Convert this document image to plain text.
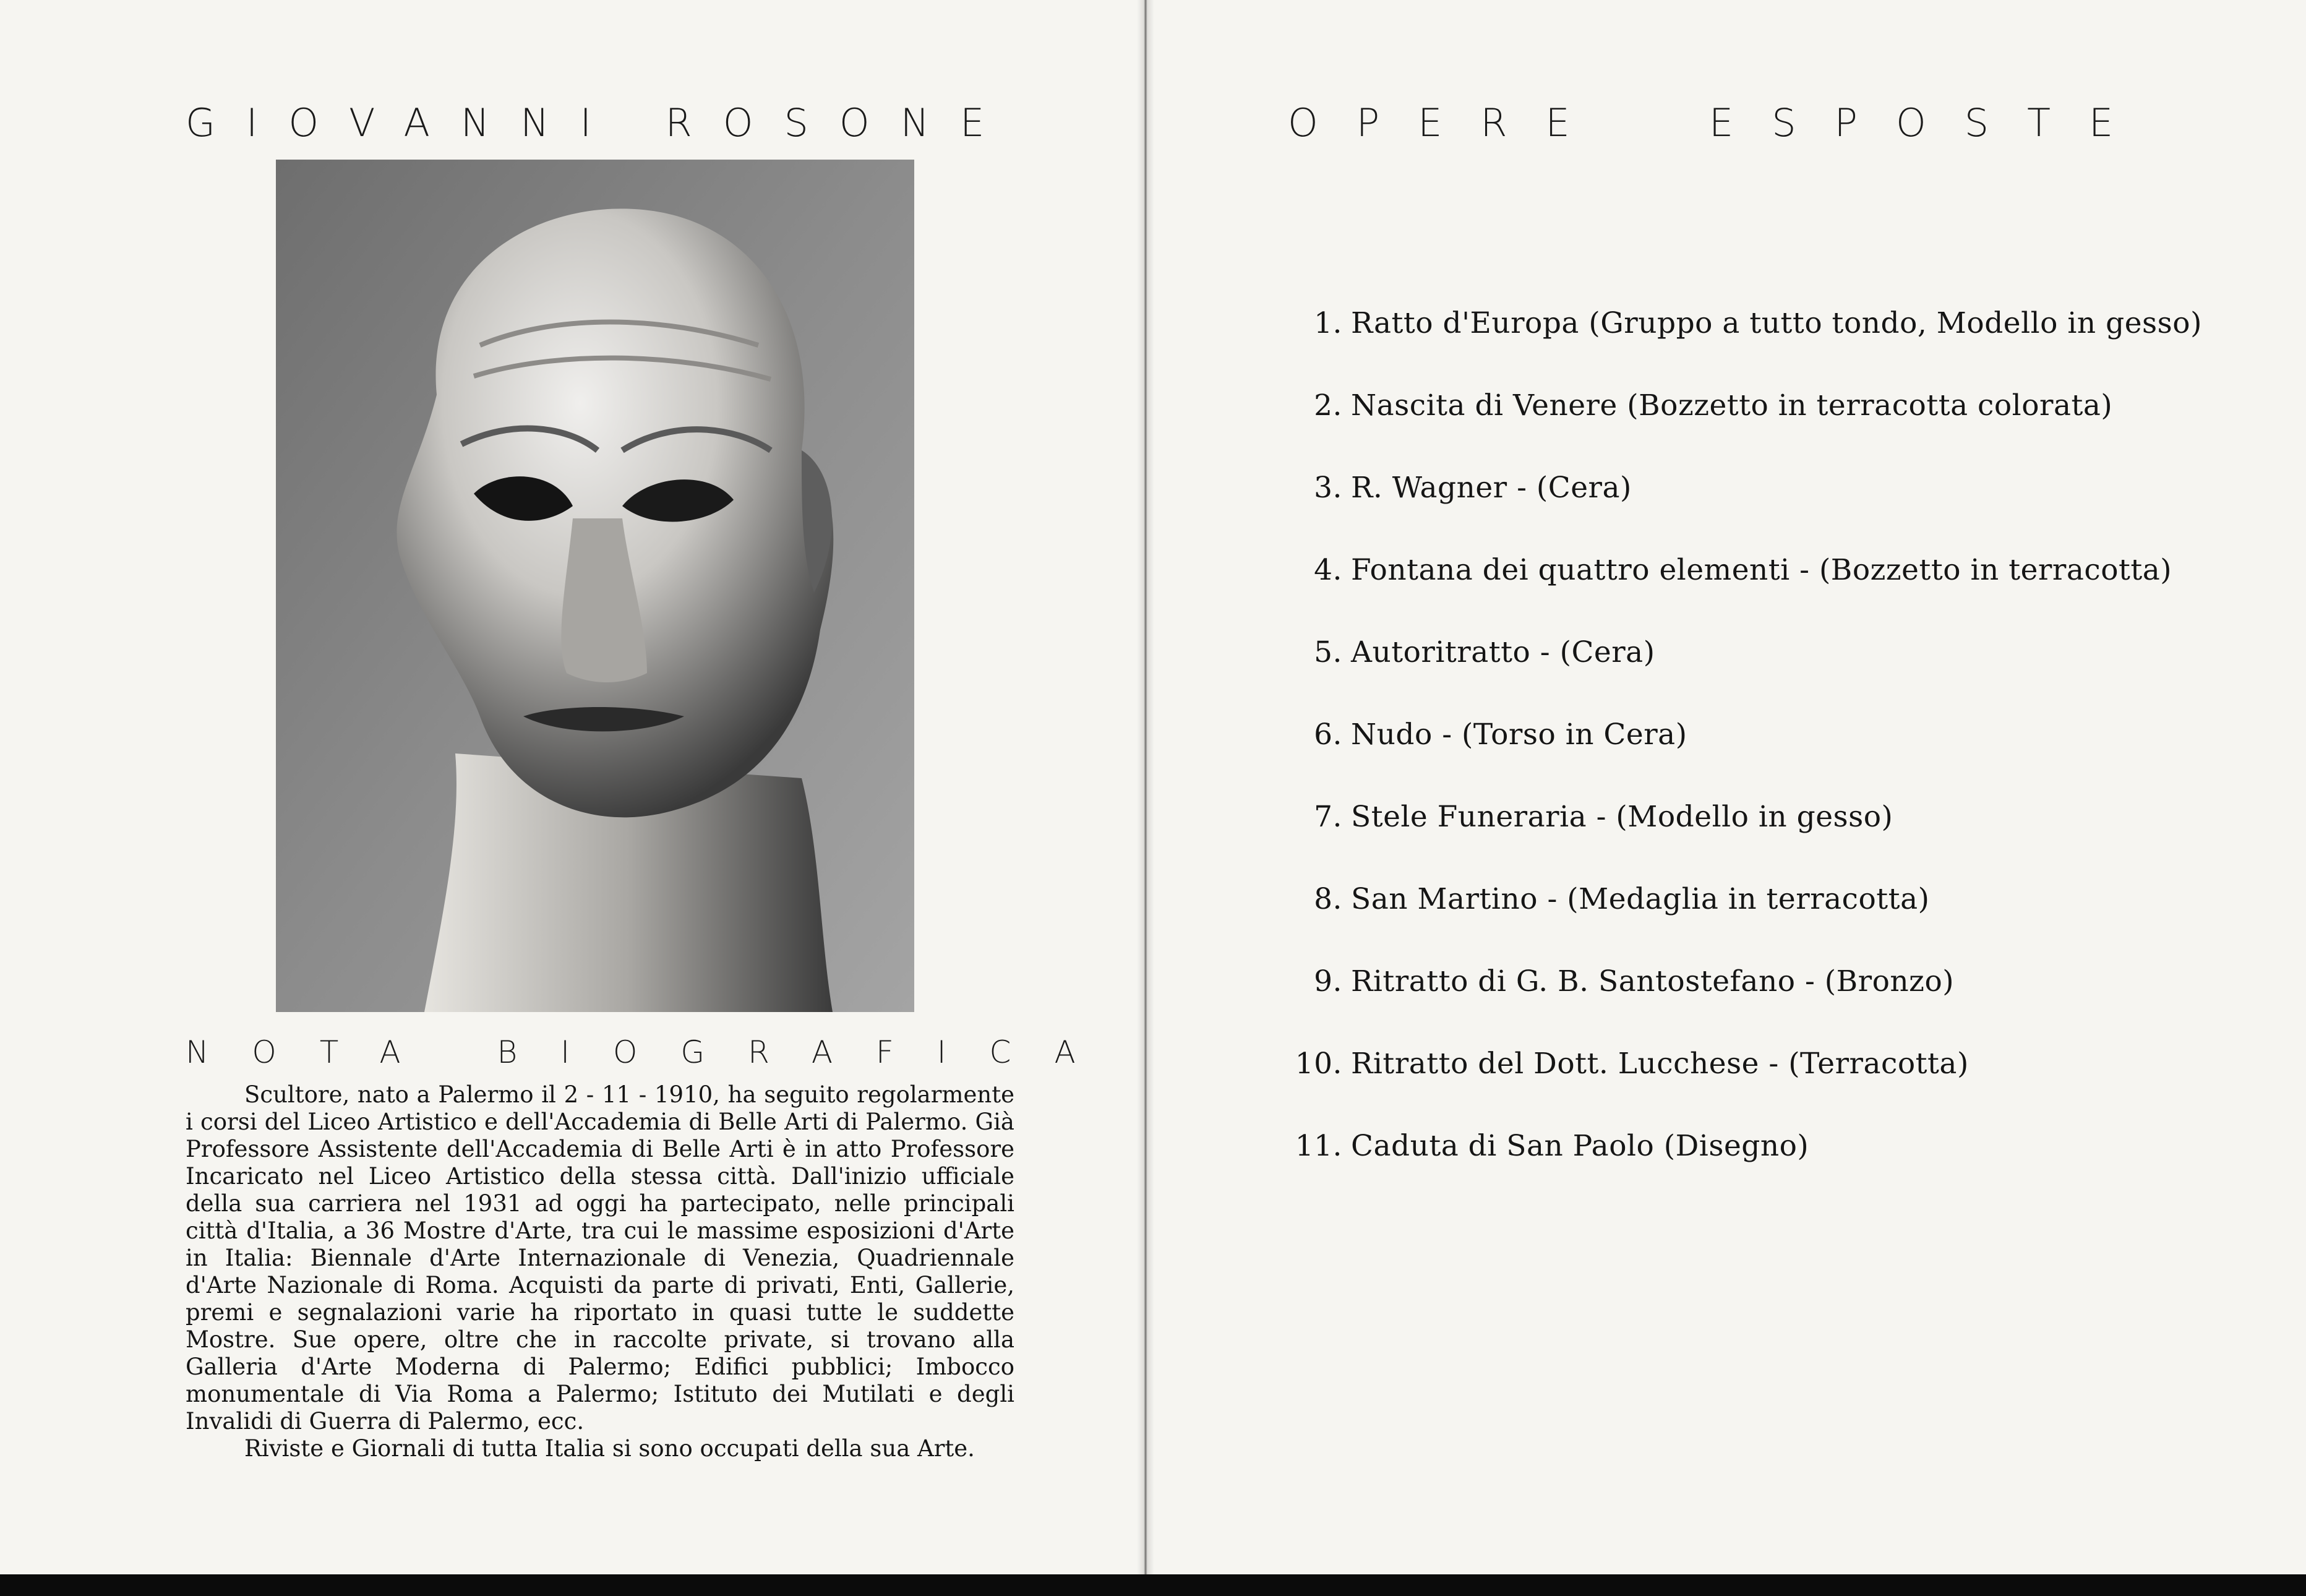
GIOVANNI ROSONE
NOTA BIOGRAFICA

Scultore, nato a Palermo il 2 - 11 - 1910, ha seguito regolarmente i corsi del Liceo Artistico e dell'Accademia di Belle Arti di Palermo. Già Professore Assistente dell'Accademia di Belle Arti è in atto Professore Incaricato nel Liceo Artistico della stessa città. Dall'inizio ufficiale della sua carriera nel 1931 ad oggi ha partecipato, nelle principali città d'Italia, a 36 Mostre d'Arte, tra cui le massime esposizioni d'Arte in Italia: Biennale d'Arte Internazionale di Venezia, Quadriennale d'Arte Nazionale di Roma. Acquisti da parte di privati, Enti, Gallerie, premi e segnalazioni varie ha riportato in quasi tutte le suddette Mostre. Sue opere, oltre che in raccolte private, si trovano alla Galleria d'Arte Moderna di Palermo; Edifici pubblici; Imbocco monumentale di Via Roma a Palermo; Istituto dei Mutilati e degli Invalidi di Guerra di Palermo, ecc.

Riviste e Giornali di tutta Italia si sono occupati della sua Arte.

OPERE  ESPOSTE
1. Ratto d'Europa (Gruppo a tutto tondo, Modello in gesso)
2. Nascita di Venere (Bozzetto in terracotta colorata)
3. R. Wagner - (Cera)
4. Fontana dei quattro elementi - (Bozzetto in terracotta)
5. Autoritratto - (Cera)
6. Nudo - (Torso in Cera)
7. Stele Funeraria - (Modello in gesso)
8. San Martino - (Medaglia in terracotta)
9. Ritratto di G. B. Santostefano - (Bronzo)
10. Ritratto del Dott. Lucchese - (Terracotta)
11. Caduta di San Paolo (Disegno)
